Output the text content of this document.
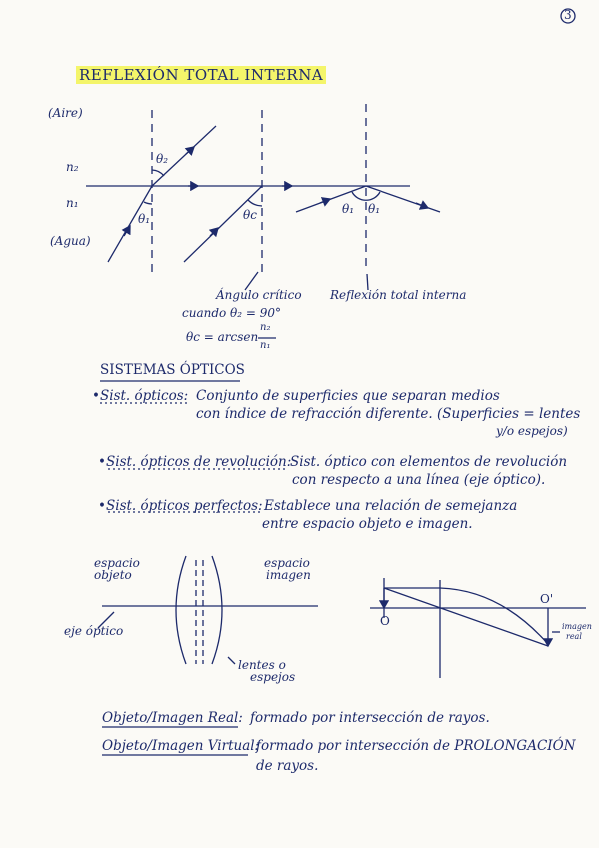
3
REFLEXIÓN TOTAL INTERNA
(Aire)
(Agua)
n₂
n₁
θ₂
θ₁	θc	θ₁ θ₁
Ángulo crítico Reflexión total interna
cuando θ₂ = 90°
θc = arcsen
n₂
n₁
SISTEMAS ÓPTICOS
• Sist. ópticos: Conjunto de superficies que separan medios
con índice de refracción diferente. (Superficies = lentes
y/o espejos)
• Sist. ópticos de revolución:
Sist. óptico con elementos de revolución
con respecto a una línea (eje óptico).
• Sist. ópticos perfectos: Establece una relación de semejanza
entre espacio objeto e imagen.
espacio
objeto
espacio
imagen
eje óptico
lentes o
espejos
O
O'
imagen
real
Objeto/Imagen Real: formado por intersección de rayos.
Objeto/Imagen Virtual:
formado por intersección de PROLONGACIÓN
de rayos.
